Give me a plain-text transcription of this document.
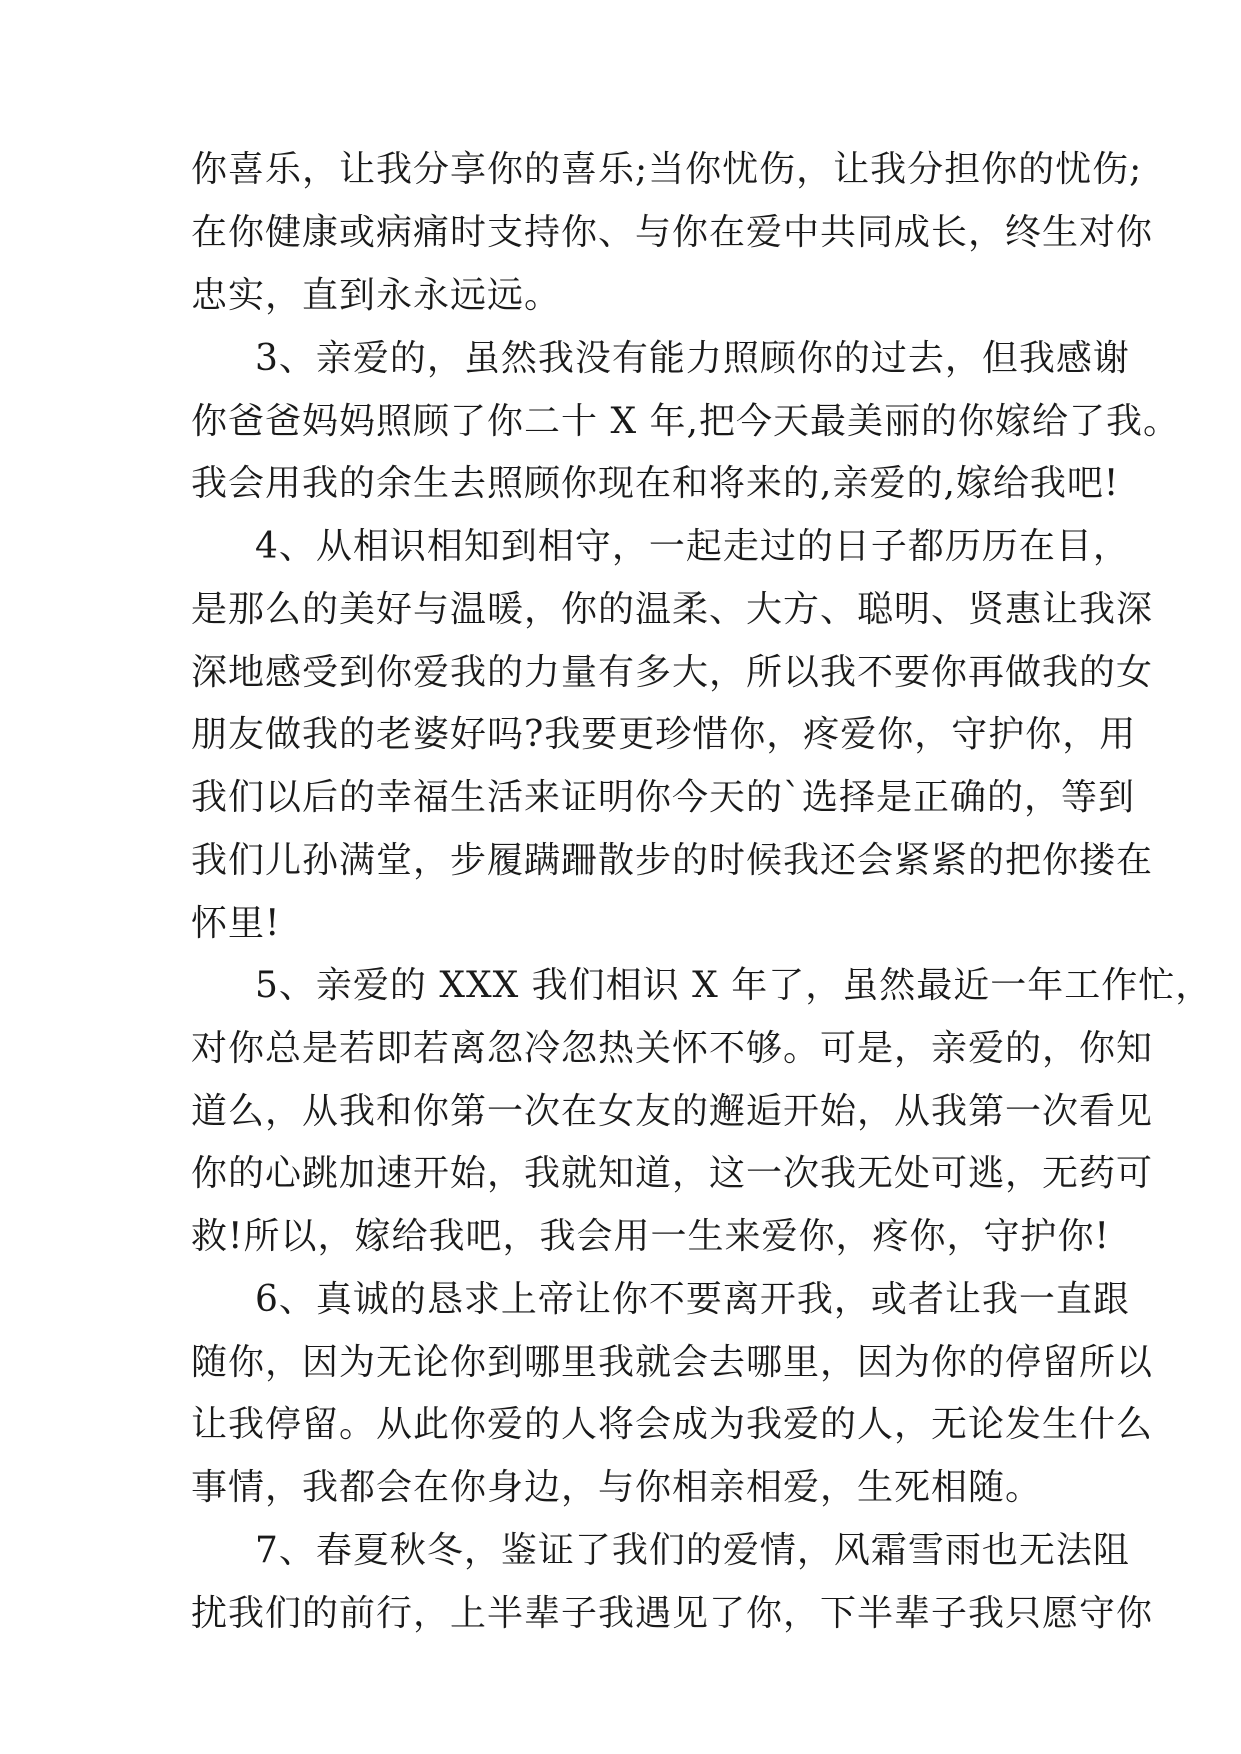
你喜乐，让我分享你的喜乐;当你忧伤，让我分担你的忧伤;
在你健康或病痛时支持你、与你在爱中共同成长，终生对你
忠实，直到永永远远。
3、亲爱的，虽然我没有能力照顾你的过去，但我感谢
你爸爸妈妈照顾了你二十 X 年,把今天最美丽的你嫁给了我。
我会用我的余生去照顾你现在和将来的,亲爱的,嫁给我吧!
4、从相识相知到相守，一起走过的日子都历历在目，
是那么的美好与温暖，你的温柔、大方、聪明、贤惠让我深
深地感受到你爱我的力量有多大，所以我不要你再做我的女
朋友做我的老婆好吗?我要更珍惜你，疼爱你，守护你，用
我们以后的幸福生活来证明你今天的`选择是正确的，等到
我们儿孙满堂，步履蹒跚散步的时候我还会紧紧的把你搂在
怀里!
5、亲爱的 XXX 我们相识 X 年了，虽然最近一年工作忙，
对你总是若即若离忽冷忽热关怀不够。可是，亲爱的，你知
道么，从我和你第一次在女友的邂逅开始，从我第一次看见
你的心跳加速开始，我就知道，这一次我无处可逃，无药可
救!所以，嫁给我吧，我会用一生来爱你，疼你，守护你!
6、真诚的恳求上帝让你不要离开我，或者让我一直跟
随你，因为无论你到哪里我就会去哪里，因为你的停留所以
让我停留。从此你爱的人将会成为我爱的人，无论发生什么
事情，我都会在你身边，与你相亲相爱，生死相随。
7、春夏秋冬，鉴证了我们的爱情，风霜雪雨也无法阻
扰我们的前行，上半辈子我遇见了你，下半辈子我只愿守你
